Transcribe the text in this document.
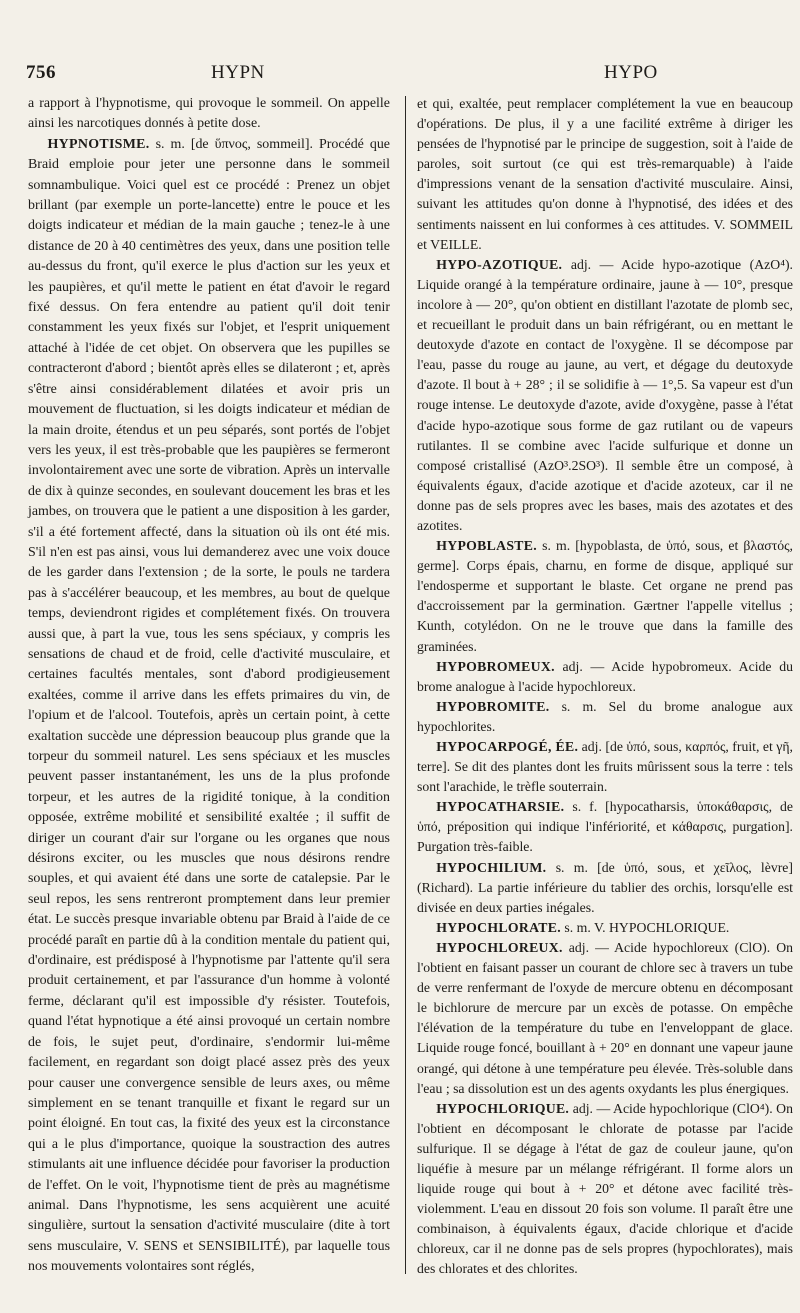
756	HYPN	HYPO

a rapport à l'hypnotisme, qui provoque le sommeil. On appelle ainsi les narcotiques donnés à petite dose.

HYPNOTISME. s. m. [de ὕπνος, sommeil]. Procédé que Braid emploie pour jeter une personne dans le sommeil somnambulique. Voici quel est ce procédé : Prenez un objet brillant (par exemple un porte-lancette) entre le pouce et les doigts indicateur et médian de la main gauche ; tenez-le à une distance de 20 à 40 centimètres des yeux, dans une position telle au-dessus du front, qu'il exerce le plus d'action sur les yeux et les paupières, et qu'il mette le patient en état d'avoir le regard fixé dessus. On fera entendre au patient qu'il doit tenir constamment les yeux fixés sur l'objet, et l'esprit uniquement attaché à l'idée de cet objet. On observera que les pupilles se contracteront d'abord ; bientôt après elles se dilateront ; et, après s'être ainsi considérablement dilatées et avoir pris un mouvement de fluctuation, si les doigts indicateur et médian de la main droite, étendus et un peu séparés, sont portés de l'objet vers les yeux, il est très-probable que les paupières se fermeront involontairement avec une sorte de vibration. Après un intervalle de dix à quinze secondes, en soulevant doucement les bras et les jambes, on trouvera que le patient a une disposition à les garder, s'il a été fortement affecté, dans la situation où ils ont été mis. S'il n'en est pas ainsi, vous lui demanderez avec une voix douce de les garder dans l'extension ; de la sorte, le pouls ne tardera pas à s'accélérer beaucoup, et les membres, au bout de quelque temps, deviendront rigides et complétement fixés. On trouvera aussi que, à part la vue, tous les sens spéciaux, y compris les sensations de chaud et de froid, celle d'activité musculaire, et certaines facultés mentales, sont d'abord prodigieusement exaltées, comme il arrive dans les effets primaires du vin, de l'opium et de l'alcool. Toutefois, après un certain point, à cette exaltation succède une dépression beaucoup plus grande que la torpeur du sommeil naturel. Les sens spéciaux et les muscles peuvent passer instantanément, les uns de la plus profonde torpeur, et les autres de la rigidité tonique, à la condition opposée, extrême mobilité et sensibilité exaltée ; il suffit de diriger un courant d'air sur l'organe ou les organes que nous désirons exciter, ou les muscles que nous désirons rendre souples, et qui avaient été dans une sorte de catalepsie. Par le seul repos, les sens rentreront promptement dans leur premier état. Le succès presque invariable obtenu par Braid à l'aide de ce procédé paraît en partie dû à la condition mentale du patient qui, d'ordinaire, est prédisposé à l'hypnotisme par l'attente qu'il sera produit certainement, et par l'assurance d'un homme à volonté ferme, déclarant qu'il est impossible d'y résister. Toutefois, quand l'état hypnotique a été ainsi provoqué un certain nombre de fois, le sujet peut, d'ordinaire, s'endormir lui-même facilement, en regardant son doigt placé assez près des yeux pour causer une convergence sensible de leurs axes, ou même simplement en se tenant tranquille et fixant le regard sur un point éloigné. En tout cas, la fixité des yeux est la circonstance qui a le plus d'importance, quoique la soustraction des autres stimulants ait une influence décidée pour favoriser la production de l'effet. On le voit, l'hypnotisme tient de près au magnétisme animal. Dans l'hypnotisme, les sens acquièrent une acuité singulière, surtout la sensation d'activité musculaire (dite à tort sens musculaire, V. SENS et SENSIBILITÉ), par laquelle tous nos mouvements volontaires sont réglés,

et qui, exaltée, peut remplacer complétement la vue en beaucoup d'opérations. De plus, il y a une facilité extrême à diriger les pensées de l'hypnotisé par le principe de suggestion, soit à l'aide de paroles, soit surtout (ce qui est très-remarquable) à l'aide d'impressions venant de la sensation d'activité musculaire. Ainsi, suivant les attitudes qu'on donne à l'hypnotisé, des idées et des sentiments naissent en lui conformes à ces attitudes. V. SOMMEIL et VEILLE.

HYPO-AZOTIQUE. adj. — Acide hypo-azotique (AzO⁴). Liquide orangé à la température ordinaire, jaune à — 10°, presque incolore à — 20°, qu'on obtient en distillant l'azotate de plomb sec, et recueillant le produit dans un bain réfrigérant, ou en mettant le deutoxyde d'azote en contact de l'oxygène. Il se décompose par l'eau, passe du rouge au jaune, au vert, et dégage du deutoxyde d'azote. Il bout à + 28° ; il se solidifie à — 1°,5. Sa vapeur est d'un rouge intense. Le deutoxyde d'azote, avide d'oxygène, passe à l'état d'acide hypo-azotique sous forme de gaz rutilant ou de vapeurs rutilantes. Il se combine avec l'acide sulfurique et donne un composé cristallisé (AzO³.2SO³). Il semble être un composé, à équivalents égaux, d'acide azotique et d'acide azoteux, car il ne donne pas de sels propres avec les bases, mais des azotates et des azotites.

HYPOBLASTE. s. m. [hypoblasta, de ὑπό, sous, et βλαστός, germe]. Corps épais, charnu, en forme de disque, appliqué sur l'endosperme et supportant le blaste. Cet organe ne prend pas d'accroissement par la germination. Gærtner l'appelle vitellus ; Kunth, cotylédon. On ne le trouve que dans la famille des graminées.

HYPOBROMEUX. adj. — Acide hypobromeux. Acide du brome analogue à l'acide hypochloreux.

HYPOBROMITE. s. m. Sel du brome analogue aux hypochlorites.

HYPOCARPOGÉ, ÉE. adj. [de ὑπό, sous, καρπός, fruit, et γῆ, terre]. Se dit des plantes dont les fruits mûrissent sous la terre : tels sont l'arachide, le trèfle souterrain.

HYPOCATHARSIE. s. f. [hypocatharsis, ὑποκάθαρσις, de ὑπό, préposition qui indique l'infériorité, et κάθαρσις, purgation]. Purgation très-faible.

HYPOCHILIUM. s. m. [de ὑπό, sous, et χεῖλος, lèvre] (Richard). La partie inférieure du tablier des orchis, lorsqu'elle est divisée en deux parties inégales.

HYPOCHLORATE. s. m. V. HYPOCHLORIQUE.

HYPOCHLOREUX. adj. — Acide hypochloreux (ClO). On l'obtient en faisant passer un courant de chlore sec à travers un tube de verre renfermant de l'oxyde de mercure obtenu en décomposant le bichlorure de mercure par un excès de potasse. On empêche l'élévation de la température du tube en l'enveloppant de glace. Liquide rouge foncé, bouillant à + 20° en donnant une vapeur jaune orangé, qui détone à une température peu élevée. Très-soluble dans l'eau ; sa dissolution est un des agents oxydants les plus énergiques.

HYPOCHLORIQUE. adj. — Acide hypochlorique (ClO⁴). On l'obtient en décomposant le chlorate de potasse par l'acide sulfurique. Il se dégage à l'état de gaz de couleur jaune, qu'on liquéfie à mesure par un mélange réfrigérant. Il forme alors un liquide rouge qui bout à + 20° et détone avec facilité très-violemment. L'eau en dissout 20 fois son volume. Il paraît être une combinaison, à équivalents égaux, d'acide chlorique et d'acide chloreux, car il ne donne pas de sels propres (hypochlorates), mais des chlorates et des chlorites.
